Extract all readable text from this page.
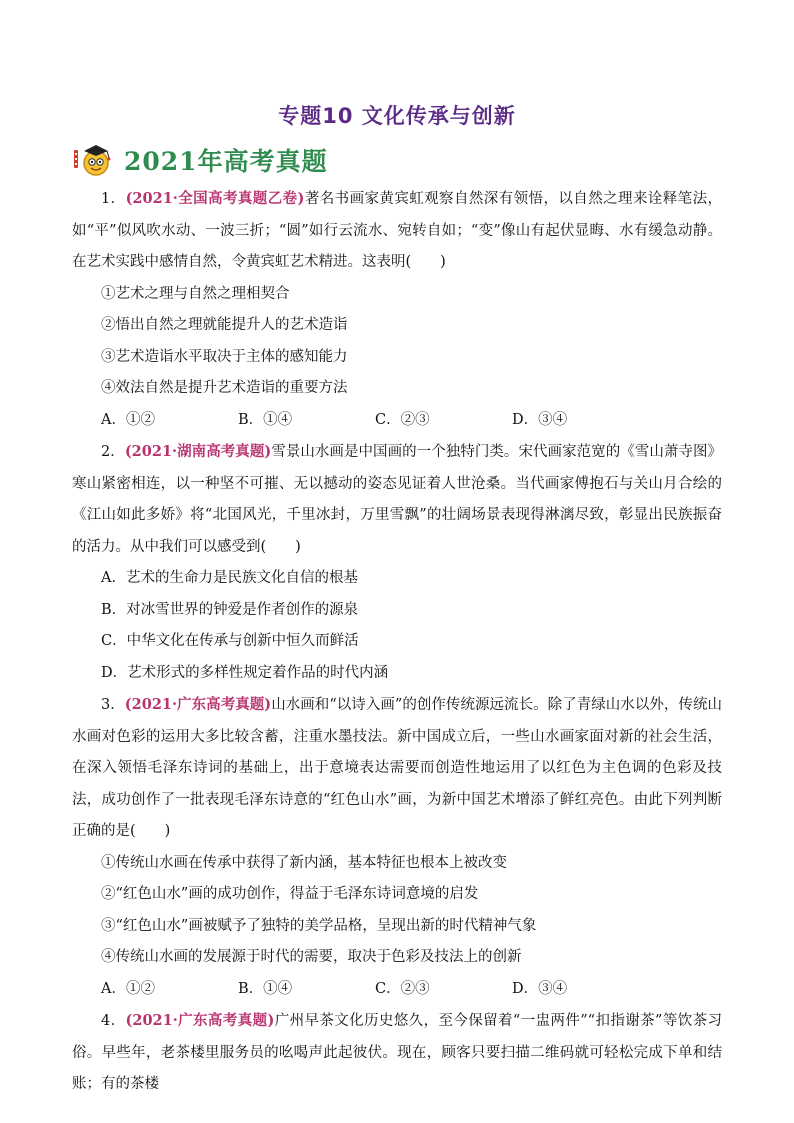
专题10 文化传承与创新
2021年高考真题

1．(2021·全国高考真题乙卷)著名书画家黄宾虹观察自然深有领悟，以自然之理来诠释笔法，如“平”似风吹水动、一波三折；“圆”如行云流水、宛转自如；“变”像山有起伏显晦、水有缓急动静。在艺术实践中感情自然，令黄宾虹艺术精进。这表明(　　)

①艺术之理与自然之理相契合

②悟出自然之理就能提升人的艺术造诣

③艺术造诣水平取决于主体的感知能力

④效法自然是提升艺术造诣的重要方法

A．①②	B．①④	C．②③	D．③④

2．(2021·湖南高考真题)雪景山水画是中国画的一个独特门类。宋代画家范宽的《雪山萧寺图》寒山紧密相连，以一种坚不可摧、无以撼动的姿态见证着人世沧桑。当代画家傅抱石与关山月合绘的《江山如此多娇》将“北国风光，千里冰封，万里雪飘”的壮阔场景表现得淋漓尽致，彰显出民族振奋的活力。从中我们可以感受到(　　)

A．艺术的生命力是民族文化自信的根基

B．对冰雪世界的钟爱是作者创作的源泉

C．中华文化在传承与创新中恒久而鲜活

D．艺术形式的多样性规定着作品的时代内涵

3．(2021·广东高考真题)山水画和“以诗入画”的创作传统源远流长。除了青绿山水以外，传统山水画对色彩的运用大多比较含蓄，注重水墨技法。新中国成立后，一些山水画家面对新的社会生活，在深入领悟毛泽东诗词的基础上，出于意境表达需要而创造性地运用了以红色为主色调的色彩及技法，成功创作了一批表现毛泽东诗意的“红色山水”画，为新中国艺术增添了鲜红亮色。由此下列判断正确的是(　　)

①传统山水画在传承中获得了新内涵，基本特征也根本上被改变

②“红色山水”画的成功创作，得益于毛泽东诗词意境的启发

③“红色山水”画被赋予了独特的美学品格，呈现出新的时代精神气象

④传统山水画的发展源于时代的需要，取决于色彩及技法上的创新

A．①②	B．①④	C．②③	D．③④

4．(2021·广东高考真题)广州早茶文化历史悠久，至今保留着“一盅两件”“扣指谢茶”等饮茶习俗。早些年，老茶楼里服务员的吆喝声此起彼伏。现在，顾客只要扫描二维码就可轻松完成下单和结账；有的茶楼
